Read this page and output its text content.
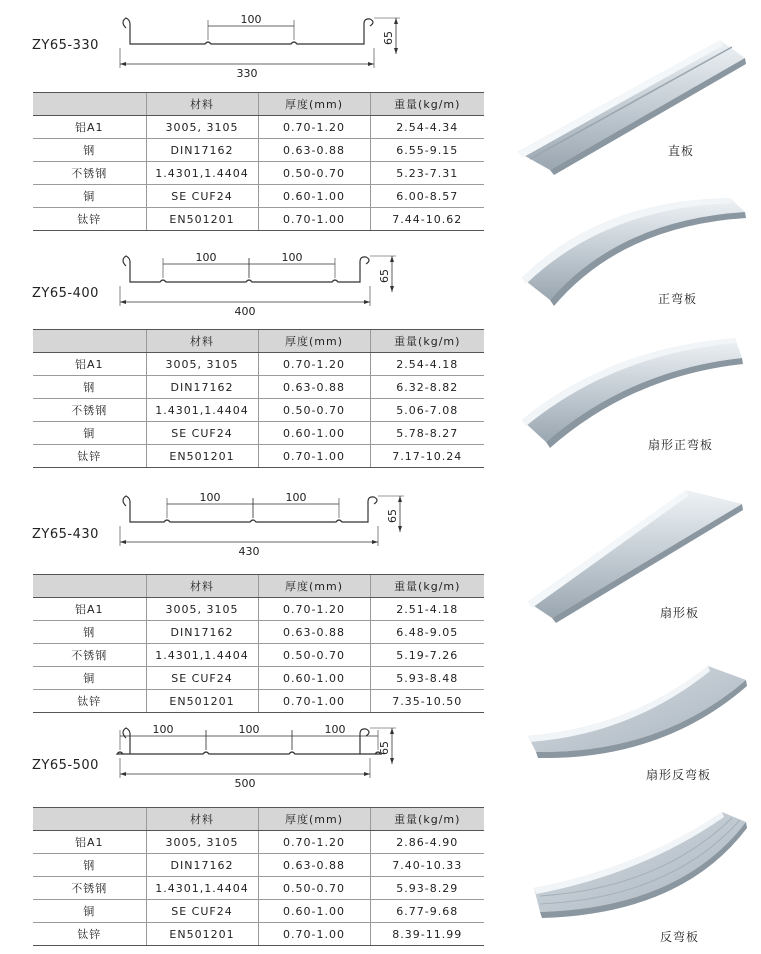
ZY65-330
100
330
65
	材料	厚度(mm)	重量(kg/m)
铝A1	3005, 3105	0.70-1.20	2.54-4.34
钢	DIN17162	0.63-0.88	6.55-9.15
不锈钢	1.4301,1.4404	0.50-0.70	5.23-7.31
铜	SE CUF24	0.60-1.00	6.00-8.57
钛锌	EN501201	0.70-1.00	7.44-10.62
ZY65-400
100	100
400
65
	材料	厚度(mm)	重量(kg/m)
铝A1	3005, 3105	0.70-1.20	2.54-4.18
钢	DIN17162	0.63-0.88	6.32-8.82
不锈钢	1.4301,1.4404	0.50-0.70	5.06-7.08
铜	SE CUF24	0.60-1.00	5.78-8.27
钛锌	EN501201	0.70-1.00	7.17-10.24
ZY65-430
100	100
430
65
	材料	厚度(mm)	重量(kg/m)
铝A1	3005, 3105	0.70-1.20	2.51-4.18
钢	DIN17162	0.63-0.88	6.48-9.05
不锈钢	1.4301,1.4404	0.50-0.70	5.19-7.26
铜	SE CUF24	0.60-1.00	5.93-8.48
钛锌	EN501201	0.70-1.00	7.35-10.50
ZY65-500
100	100	100
500
65
	材料	厚度(mm)	重量(kg/m)
铝A1	3005, 3105	0.70-1.20	2.86-4.90
钢	DIN17162	0.63-0.88	7.40-10.33
不锈钢	1.4301,1.4404	0.50-0.70	5.93-8.29
铜	SE CUF24	0.60-1.00	6.77-9.68
钛锌	EN501201	0.70-1.00	8.39-11.99
直板
正弯板
扇形正弯板
扇形板
扇形反弯板
反弯板
